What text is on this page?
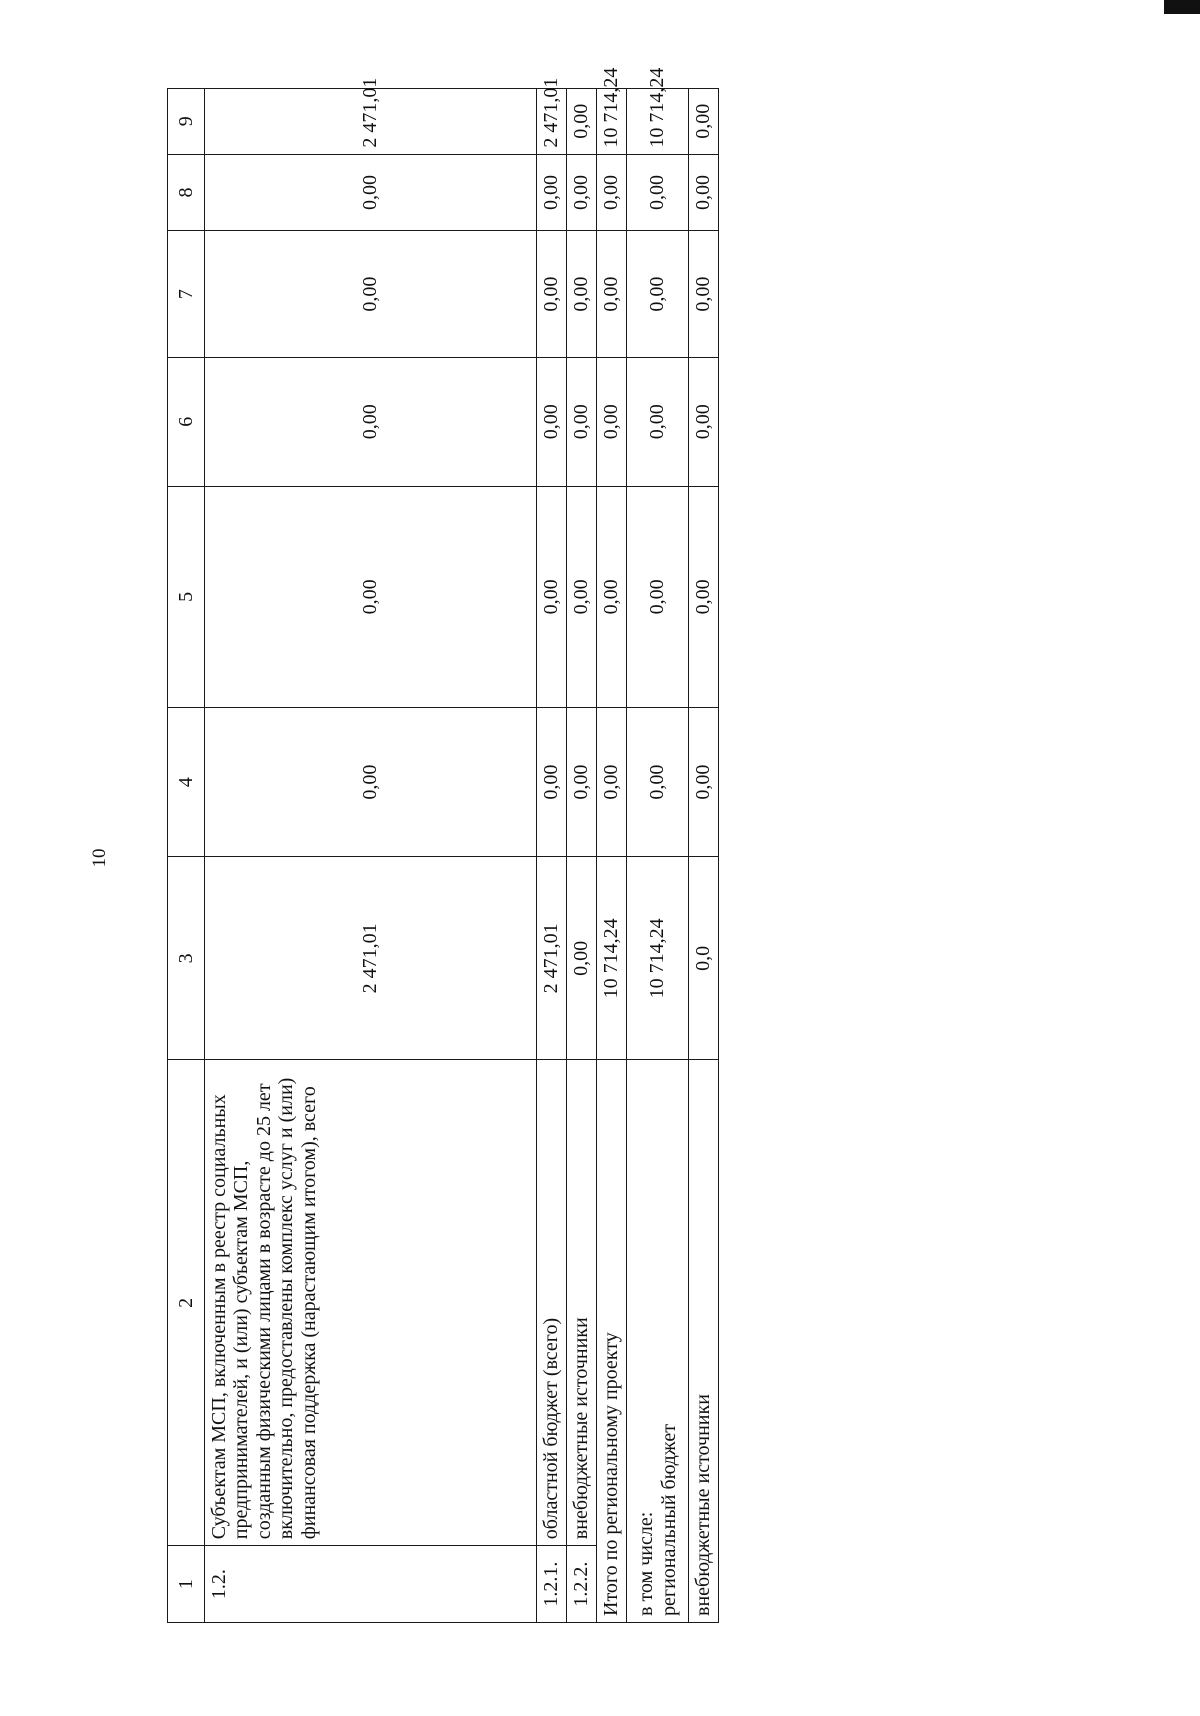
10
1	2	3	4	5	6	7	8	9
1.2.	Субъектам МСП, включенным в реестр социальных предпринимателей, и (или) субъектам МСП, созданным физическими лицами в возрасте до 25 лет включительно, предоставлены комплекс услуг и (или) финансовая поддержка (нарастающим итогом), всего	2 471,01	0,00	0,00	0,00	0,00	0,00	2 471,01
1.2.1.	областной бюджет (всего)	2 471,01	0,00	0,00	0,00	0,00	0,00	2 471,01
1.2.2.	внебюджетные источники	0,00	0,00	0,00	0,00	0,00	0,00	0,00
Итого по региональному проекту		10 714,24	0,00	0,00	0,00	0,00	0,00	10 714,24

в том числе: региональный бюджет		10 714,24	0,00	0,00	0,00	0,00	0,00	10 714,24
внебюджетные источники		0,0	0,00	0,00	0,00	0,00	0,00	0,00
